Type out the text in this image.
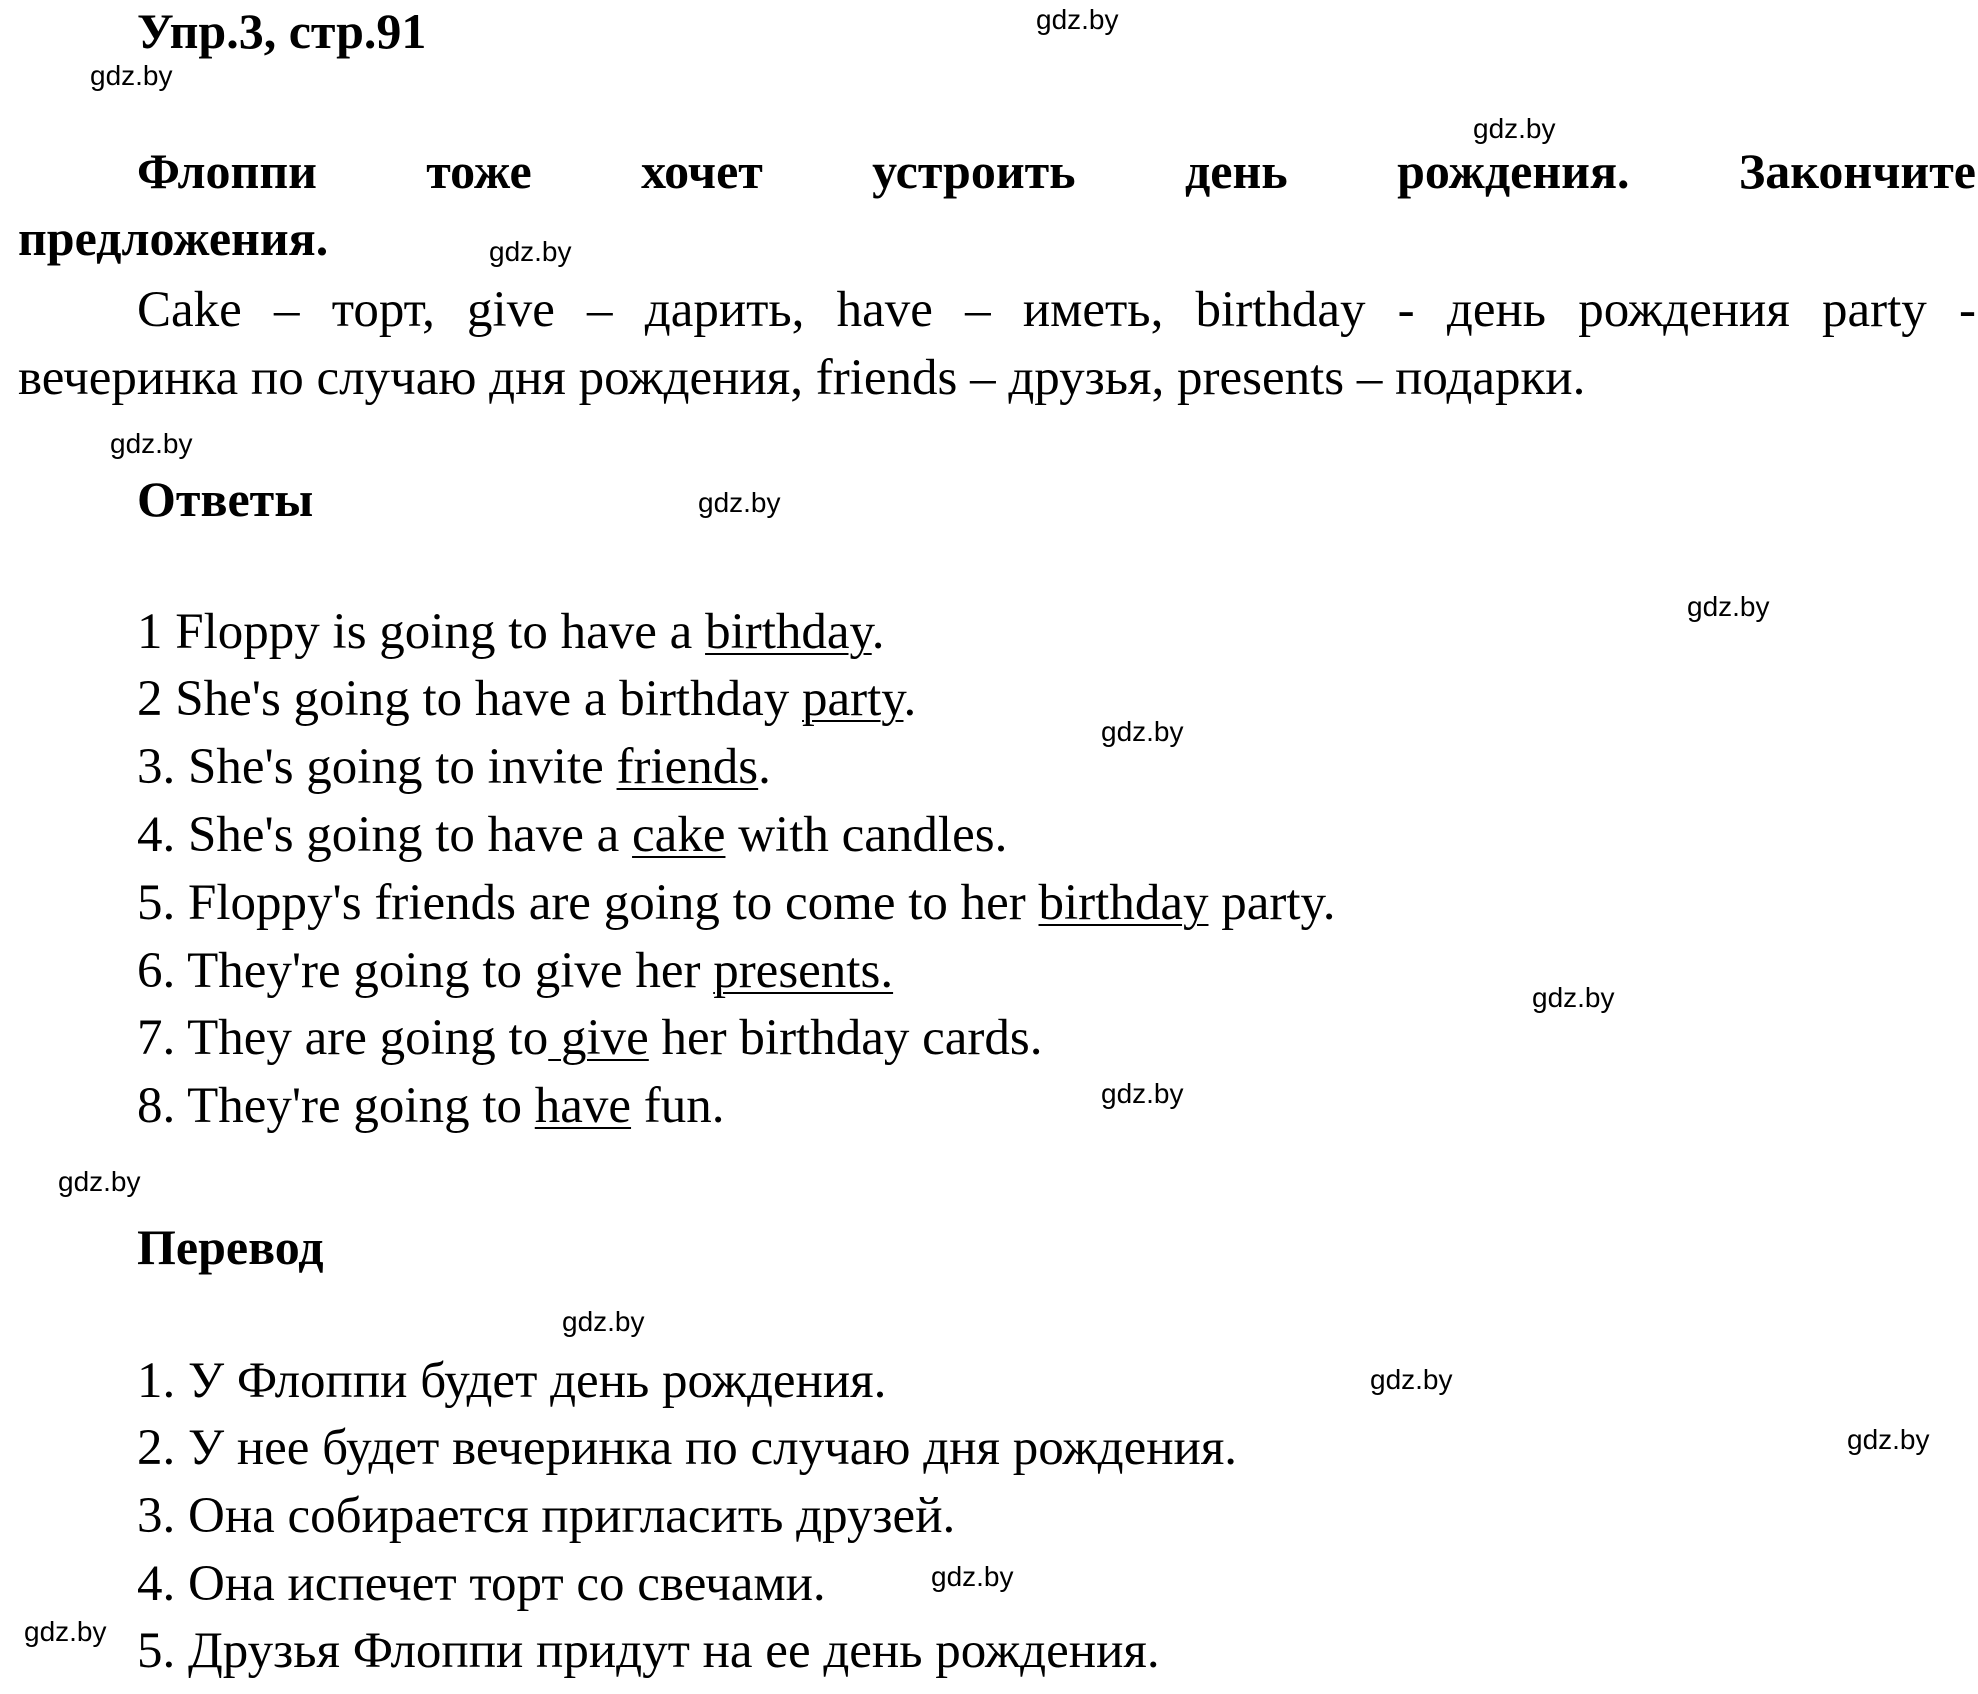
Упр.3, стр.91
Флоппи тоже хочет устроить день рождения. Закончите
предложения.
Cake – торт, give – дарить, have – иметь, birthday - день рождения party -
вечеринка по случаю дня рождения, friends – друзья, presents – подарки.
Ответы
1 Floppy is going to have a birthday.
2 She's going to have a birthday party.
3. She's going to invite friends.
4. She's going to have a cake with candles.
5. Floppy's friends are going to come to her birthday party.
6. They're going to give her presents.
7. They are going to give her birthday cards.
8. They're going to have fun.
Перевод
1. У Флоппи будет день рождения.
2. У нее будет вечеринка по случаю дня рождения.
3. Она собирается пригласить друзей.
4. Она испечет торт со свечами.
5. Друзья Флоппи придут на ее день рождения.
gdz.by
gdz.by
gdz.by
gdz.by
gdz.by
gdz.by
gdz.by
gdz.by
gdz.by
gdz.by
gdz.by
gdz.by
gdz.by
gdz.by
gdz.by
gdz.by
